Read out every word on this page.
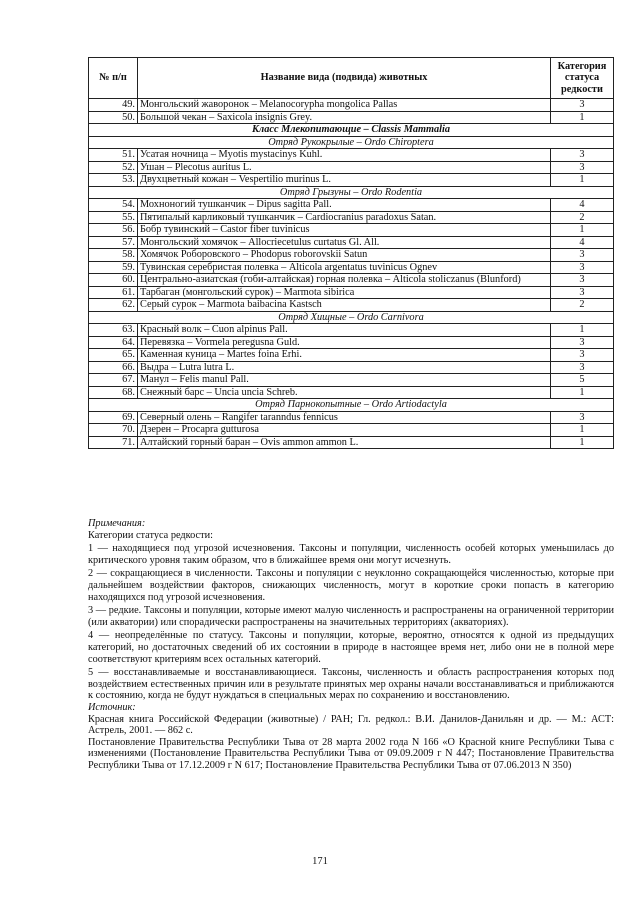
№ п/п	Название вида (подвида) животных	Категория статуса редкости
49.	Монгольский жаворонок – Melanocorypha mongolica Pallas	3
50.	Большой чекан – Saxicola insignis Grey.	1
Класс Млекопитающие – Classis Mammalia		
Отряд Рукокрылые – Ordo Chiroptera		
51.	Усатая ночница – Myotis mystacinys Kuhl.	3
52.	Ушан – Plecotus auritus L.	3
53.	Двухцветный кожан – Vespertilio murinus L.	1
Отряд Грызуны – Ordo Rodentia		
54.	Мохноногий тушканчик – Dipus sagitta Pall.	4
55.	Пятипалый карликовый тушканчик – Cardiocranius paradoxus Satan.	2
56.	Бобр тувинский – Castor fiber tuvinicus	1
57.	Монгольский хомячок – Allocriecetulus curtatus Gl. All.	4
58.	Хомячок Роборовского – Phodopus roborovskii Satun	3
59.	Тувинская серебристая полевка – Alticola argentatus tuvinicus Ognev	3
60.	Центрально-азиатская (гоби-алтайская) горная полевка – Alticola stoliczanus (Blunford)	3
61.	Тарбаган (монгольский сурок) – Marmota sibirica	3
62.	Серый сурок – Marmota baibacina Kastsch	2
Отряд Хищные – Ordo Carnivora		
63.	Красный волк – Cuon alpinus Pall.	1
64.	Перевязка – Vormela peregusna Guld.	3
65.	Каменная куница – Martes foina Erhi.	3
66.	Выдра – Lutra lutra L.	3
67.	Манул – Felis manul Pall.	5
68.	Снежный барс – Uncia uncia Schreb.	1
Отряд Парнокопытные – Ordo Artiodactyla		
69.	Северный олень – Rangifer taranndus fennicus	3
70.	Дзерен – Procapra gutturosa	1
71.	Алтайский горный баран – Ovis ammon ammon L.	1

Примечания:

Категории статуса редкости:

1 — находящиеся под угрозой исчезновения. Таксоны и популяции, численность особей которых уменьшилась до критического уровня таким образом, что в ближайшее время они могут исчезнуть.

2 — сокращающиеся в численности. Таксоны и популяции с неуклонно сокращающейся численностью, которые при дальнейшем воздействии факторов, снижающих численность, могут в короткие сроки попасть в категорию находящихся под угрозой исчезновения.

3 — редкие. Таксоны и популяции, которые имеют малую численность и распространены на ограниченной территории (или акватории) или спорадически распространены на значительных территориях (акваториях).

4 — неопределённые по статусу. Таксоны и популяции, которые, вероятно, относятся к одной из предыдущих категорий, но достаточных сведений об их состоянии в природе в настоящее время нет, либо они не в полной мере соответствуют критериям всех остальных категорий.

5 — восстанавливаемые и восстанавливающиеся. Таксоны, численность и область распространения которых под воздействием естественных причин или в результате принятых мер охраны начали восстанавливаться и приближаются к состоянию, когда не будут нуждаться в специальных мерах по сохранению и восстановлению.

Источник:

Красная книга Российской Федерации (животные) / РАН; Гл. редкол.: В.И. Данилов-Данильян и др. — М.: АСТ: Астрель, 2001. — 862 с.

Постановление Правительства Республики Тыва от 28 марта 2002 года N 166 «О Красной книге Республики Тыва с изменениями (Постановление Правительства Республики Тыва от 09.09.2009 г N 447; Постановление Правительства Республики Тыва от 17.12.2009 г N 617; Постановление Правительства Республики Тыва от 07.06.2013 N 350)

171
